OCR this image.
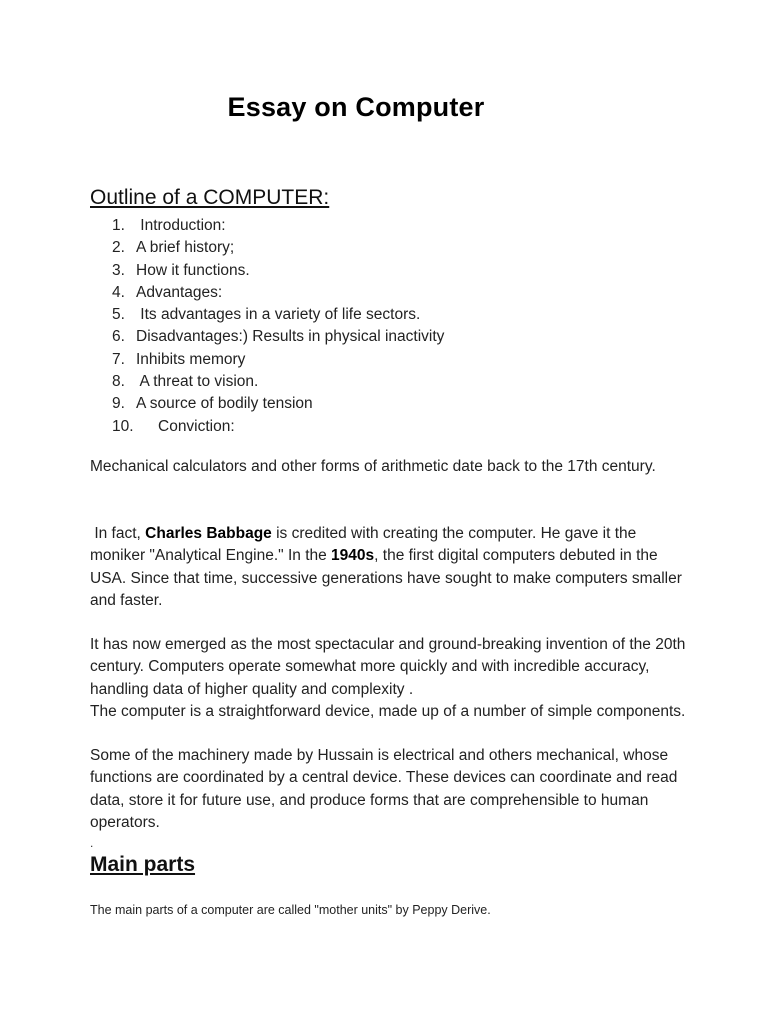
Essay on Computer
Outline of a COMPUTER:
1. Introduction:
2. A brief history;
3. How it functions.
4. Advantages:
5. Its advantages in a variety of life sectors.
6. Disadvantages:) Results in physical inactivity
7. Inhibits memory
8. A threat to vision.
9. A source of bodily tension
10. Conviction:

Mechanical calculators and other forms of arithmetic date back to the 17th century.

In fact, Charles Babbage is credited with creating the computer. He gave it the moniker "Analytical Engine." In the 1940s, the first digital computers debuted in the USA. Since that time, successive generations have sought to make computers smaller and faster.

It has now emerged as the most spectacular and ground-breaking invention of the 20th century. Computers operate somewhat more quickly and with incredible accuracy, handling data of higher quality and complexity .

The computer is a straightforward device, made up of a number of simple components.

Some of the machinery made by Hussain is electrical and others mechanical, whose functions are coordinated by a central device. These devices can coordinate and read data, store it for future use, and produce forms that are comprehensible to human operators.

.
Main parts
The main parts of a computer are called "mother units" by Peppy Derive.
